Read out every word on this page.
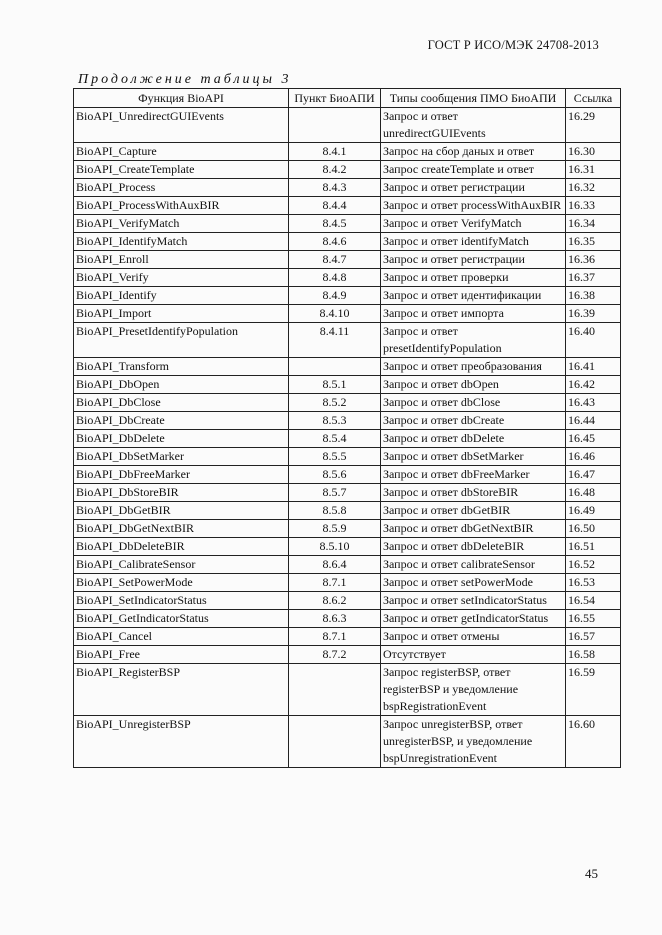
ГОСТ Р ИСО/МЭК 24708-2013
Продолжение таблицы 3
Функция BioAPI	Пункт БиоАПИ	Типы сообщения ПМО БиоАПИ	Ссылка
BioAPI_UnredirectGUIEvents		Запрос и ответ unredirectGUIEvents	16.29
BioAPI_Capture	8.4.1	Запрос на сбор даных и ответ	16.30
BioAPI_CreateTemplate	8.4.2	Запрос createTemplate и ответ	16.31
BioAPI_Process	8.4.3	Запрос и ответ регистрации	16.32
BioAPI_ProcessWithAuxBIR	8.4.4	Запрос и ответ processWithAuxBIR	16.33
BioAPI_VerifyMatch	8.4.5	Запрос и ответ VerifyMatch	16.34
BioAPI_IdentifyMatch	8.4.6	Запрос и ответ identifyMatch	16.35
BioAPI_Enroll	8.4.7	Запрос и ответ регистрации	16.36
BioAPI_Verify	8.4.8	Запрос и ответ проверки	16.37
BioAPI_Identify	8.4.9	Запрос и ответ идентификации	16.38
BioAPI_Import	8.4.10	Запрос и ответ импорта	16.39
BioAPI_PresetIdentifyPopulation	8.4.11	Запрос и ответ presetIdentifyPopulation	16.40
BioAPI_Transform		Запрос и ответ преобразования	16.41
BioAPI_DbOpen	8.5.1	Запрос и ответ dbOpen	16.42
BioAPI_DbClose	8.5.2	Запрос и ответ dbClose	16.43
BioAPI_DbCreate	8.5.3	Запрос и ответ dbCreate	16.44
BioAPI_DbDelete	8.5.4	Запрос и ответ dbDelete	16.45
BioAPI_DbSetMarker	8.5.5	Запрос и ответ dbSetMarker	16.46
BioAPI_DbFreeMarker	8.5.6	Запрос и ответ dbFreeMarker	16.47
BioAPI_DbStoreBIR	8.5.7	Запрос и ответ dbStoreBIR	16.48
BioAPI_DbGetBIR	8.5.8	Запрос и ответ dbGetBIR	16.49
BioAPI_DbGetNextBIR	8.5.9	Запрос и ответ dbGetNextBIR	16.50
BioAPI_DbDeleteBIR	8.5.10	Запрос и ответ dbDeleteBIR	16.51
BioAPI_CalibrateSensor	8.6.4	Запрос и ответ calibrateSensor	16.52
BioAPI_SetPowerMode	8.7.1	Запрос и ответ setPowerMode	16.53
BioAPI_SetIndicatorStatus	8.6.2	Запрос и ответ setIndicatorStatus	16.54
BioAPI_GetIndicatorStatus	8.6.3	Запрос и ответ getIndicatorStatus	16.55
BioAPI_Cancel	8.7.1	Запрос и ответ отмены	16.57
BioAPI_Free	8.7.2	Отсутствует	16.58
BioAPI_RegisterBSP		Запрос registerBSP, ответ registerBSP и уведомление bspRegistrationEvent	16.59
BioAPI_UnregisterBSP		Запрос unregisterBSP, ответ unregisterBSP, и уведомление bspUnregistrationEvent	16.60
45
